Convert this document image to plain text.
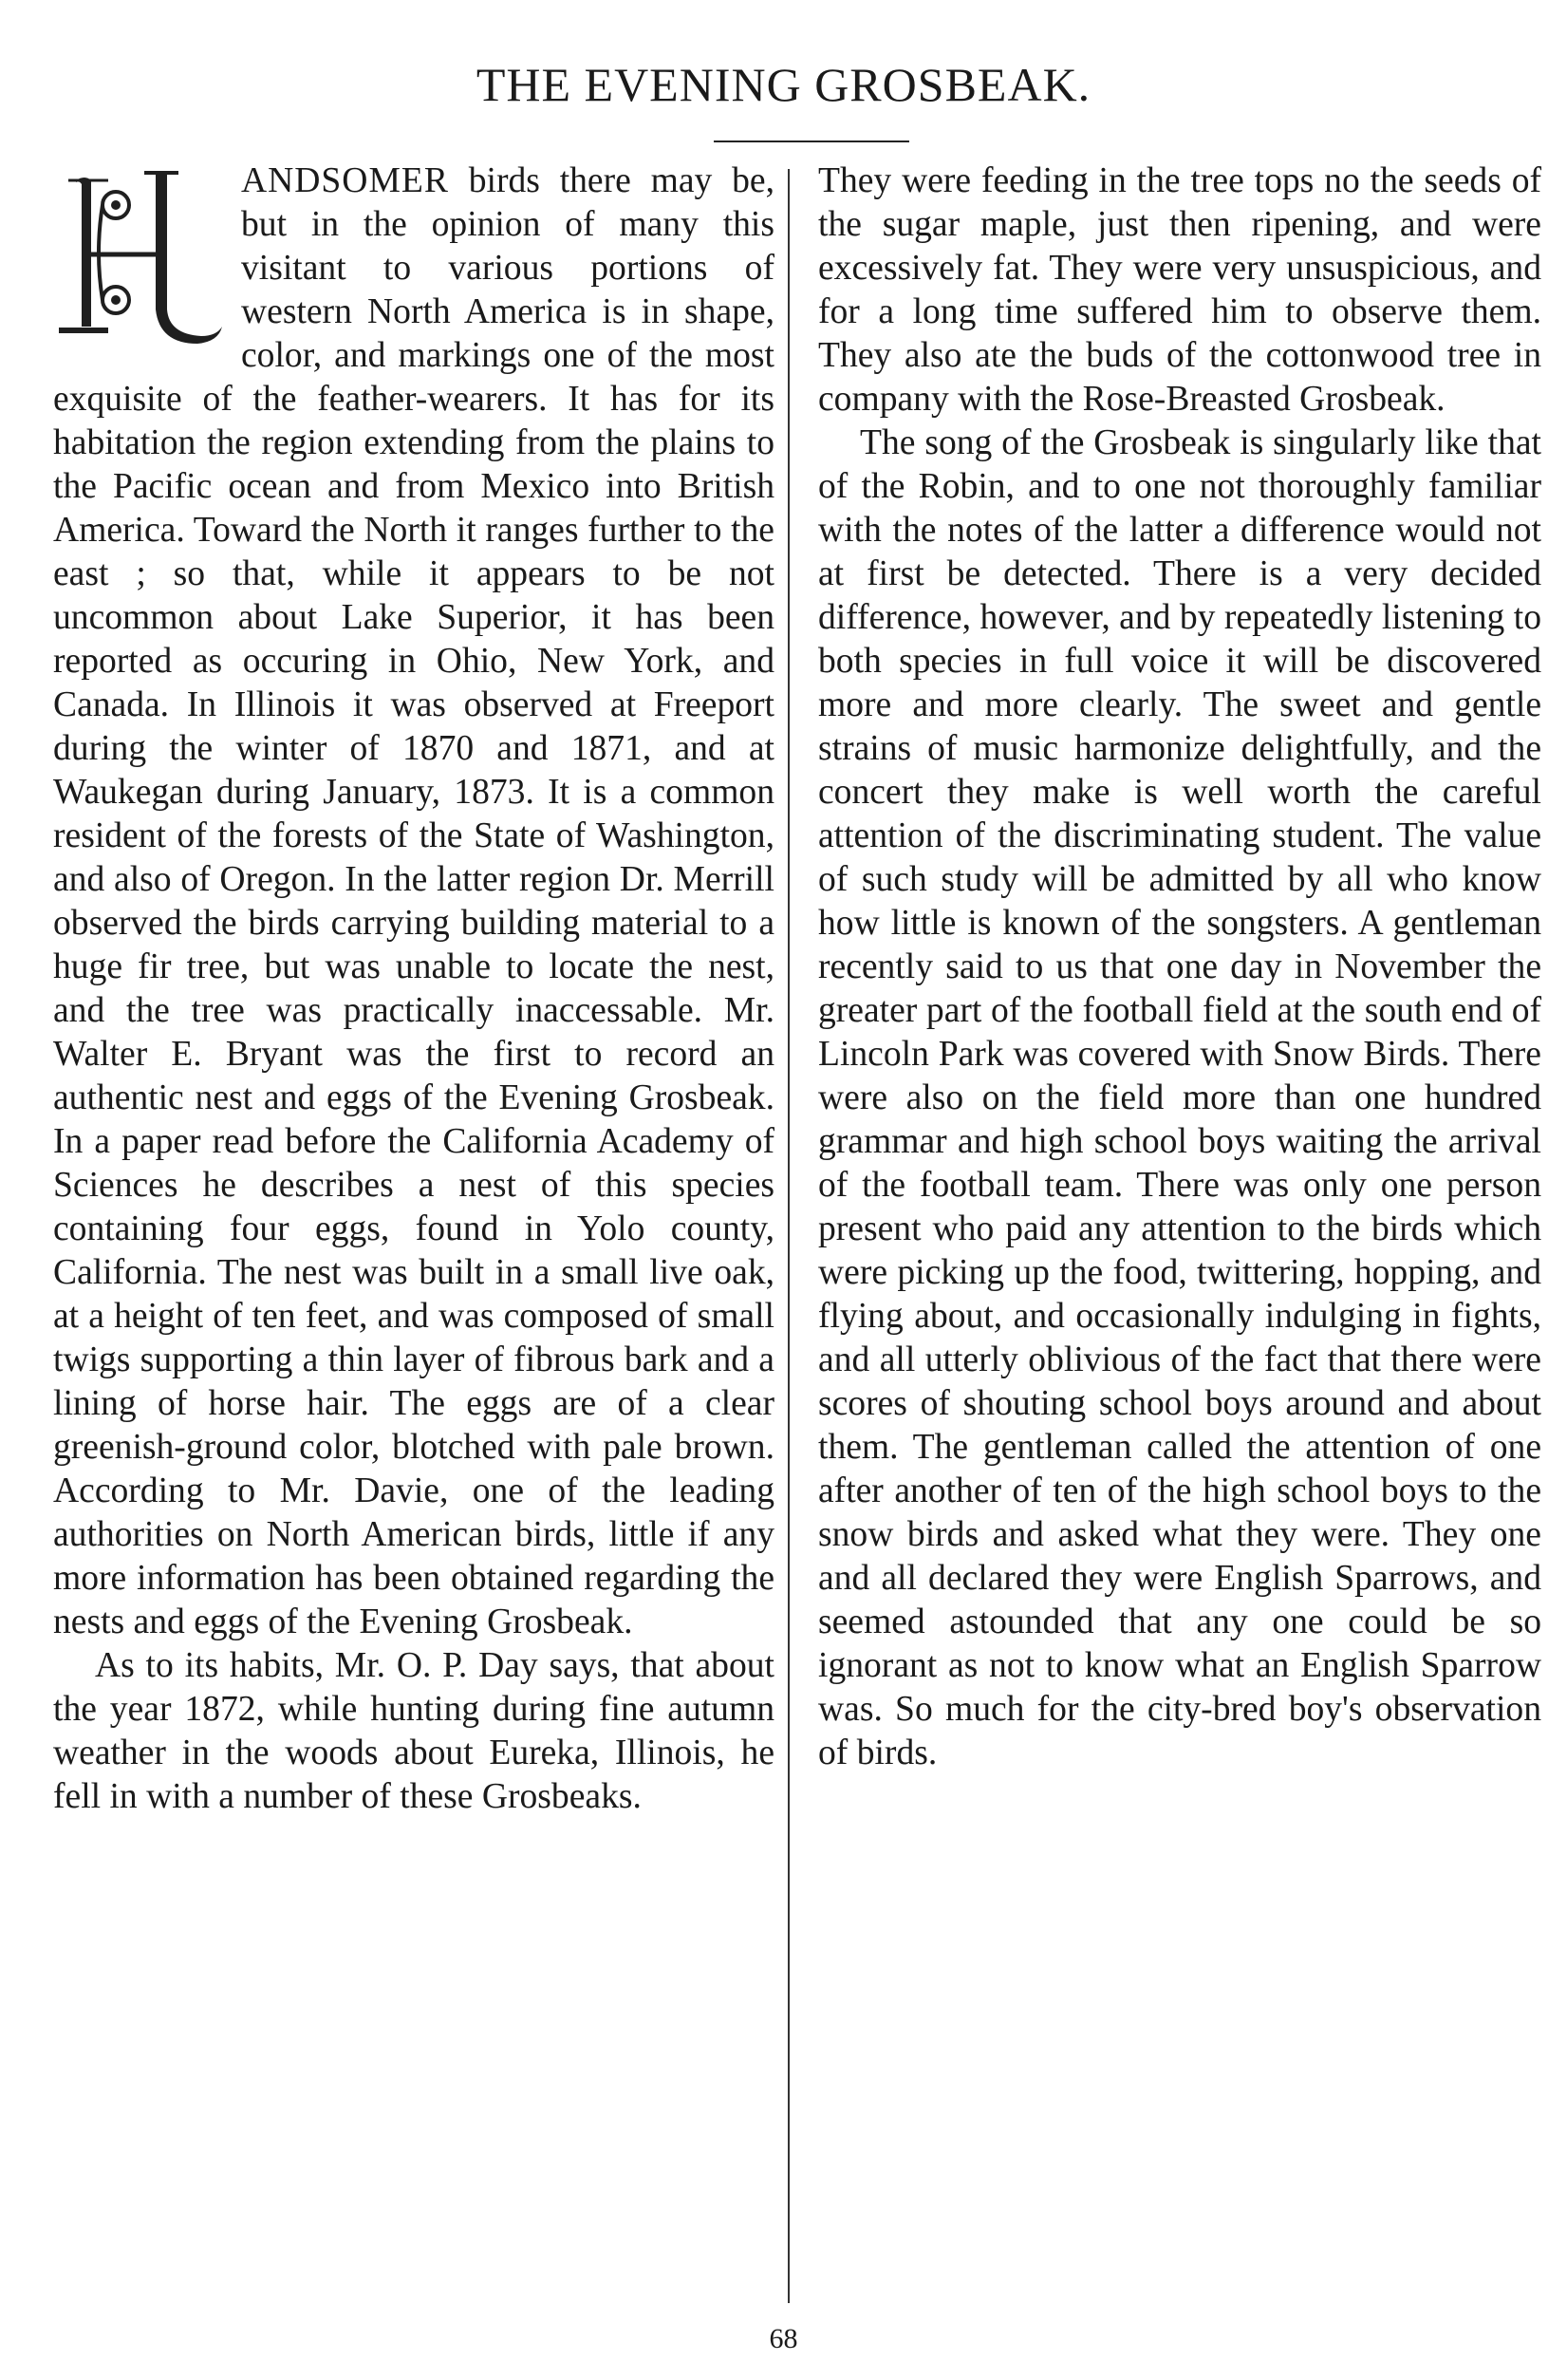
THE EVENING GROSBEAK.

ANDSOMER birds there may be, but in the opinion of many this visitant to various portions of western North America is in shape, color, and markings one of the most exquisite of the feather-wearers. It has for its habitation the region extending from the plains to the Pacific ocean and from Mexico into British America. Toward the North it ranges further to the east ; so that, while it appears to be not uncommon about Lake Superior, it has been reported as occuring in Ohio, New York, and Canada. In Illinois it was observed at Freeport during the winter of 1870 and 1871, and at Waukegan during January, 1873. It is a common resident of the forests of the State of Washington, and also of Oregon. In the latter region Dr. Merrill observed the birds carrying building material to a huge fir tree, but was unable to locate the nest, and the tree was practically inaccessable. Mr. Walter E. Bryant was the first to record an authentic nest and eggs of the Evening Grosbeak. In a paper read before the California Academy of Sciences he describes a nest of this species containing four eggs, found in Yolo county, California. The nest was built in a small live oak, at a height of ten feet, and was composed of small twigs supporting a thin layer of fibrous bark and a lining of horse hair. The eggs are of a clear greenish-ground color, blotched with pale brown. According to Mr. Davie, one of the leading authorities on North American birds, little if any more information has been obtained regarding the nests and eggs of the Evening Grosbeak.

As to its habits, Mr. O. P. Day says, that about the year 1872, while hunting during fine autumn weather in the woods about Eureka, Illinois, he fell in with a number of these Grosbeaks.

They were feeding in the tree tops no the seeds of the sugar maple, just then ripening, and were excessively fat. They were very unsuspicious, and for a long time suffered him to observe them. They also ate the buds of the cottonwood tree in company with the Rose-Breasted Grosbeak.

The song of the Grosbeak is singularly like that of the Robin, and to one not thoroughly familiar with the notes of the latter a difference would not at first be detected. There is a very decided difference, however, and by repeatedly listening to both species in full voice it will be discovered more and more clearly. The sweet and gentle strains of music harmonize delightfully, and the concert they make is well worth the careful attention of the discriminating student. The value of such study will be admitted by all who know how little is known of the songsters. A gentleman recently said to us that one day in November the greater part of the football field at the south end of Lincoln Park was covered with Snow Birds. There were also on the field more than one hundred grammar and high school boys waiting the arrival of the football team. There was only one person present who paid any attention to the birds which were picking up the food, twittering, hopping, and flying about, and occasionally indulging in fights, and all utterly oblivious of the fact that there were scores of shouting school boys around and about them. The gentleman called the attention of one after another of ten of the high school boys to the snow birds and asked what they were. They one and all declared they were English Sparrows, and seemed astounded that any one could be so ignorant as not to know what an English Sparrow was. So much for the city-bred boy's observation of birds.

68
